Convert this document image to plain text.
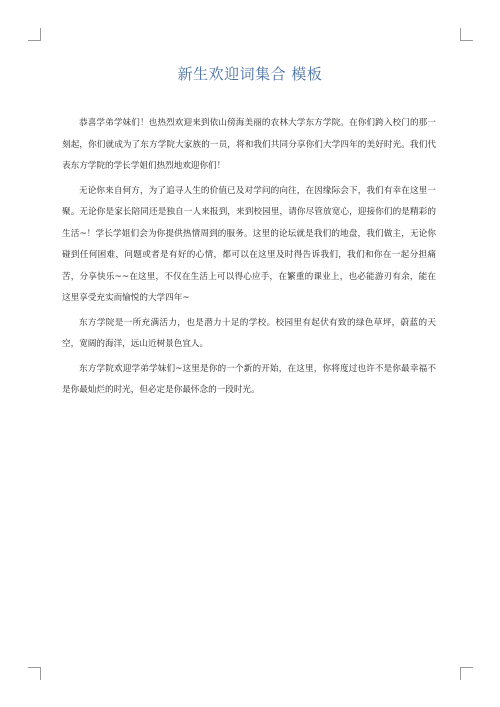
新生欢迎词集合 模板

恭喜学弟学妹们！也热烈欢迎来到依山傍海美丽的农林大学东方学院。在你们跨入校门的那一刻起，你们就成为了东方学院大家族的一员，将和我们共同分享你们大学四年的美好时光。我们代表东方学院的学长学姐们热烈地欢迎你们！

无论你来自何方，为了追寻人生的价值已及对学问的向往，在因缘际会下，我们有幸在这里一聚。无论你是家长陪同还是独自一人来报到，来到校园里，请你尽管放宽心，迎接你们的是精彩的生活~！学长学姐们会为你提供热情周到的服务。这里的论坛就是我们的地盘，我们做主，无论你碰到任何困难，问题或者是有好的心情，都可以在这里及时得告诉我们，我们和你在一起分担痛苦，分享快乐~~在这里，不仅在生活上可以得心应手，在繁重的课业上，也必能游刃有余，能在这里享受充实而愉悦的大学四年~

东方学院是一所充满活力，也是潜力十足的学校。校园里有起伏有致的绿色草坪，蔚蓝的天空，宽阔的海洋，远山近树景色宜人。

东方学院欢迎学弟学妹们~这里是你的一个新的开始，在这里，你将度过也许不是你最幸福不是你最灿烂的时光，但必定是你最怀念的一段时光。
